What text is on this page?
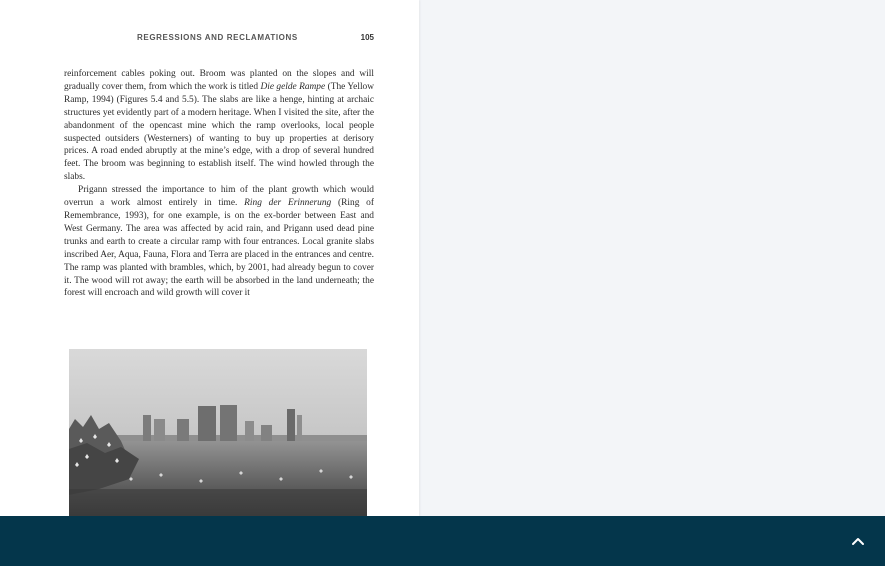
REGRESSIONS AND RECLAMATIONS	105

reinforcement cables poking out. Broom was planted on the slopes and will gradually cover them, from which the work is titled Die gelde Rampe (The Yellow Ramp, 1994) (Figures 5.4 and 5.5). The slabs are like a henge, hinting at archaic structures yet evidently part of a modern heritage. When I visited the site, after the abandonment of the opencast mine which the ramp overlooks, local people suspected outsiders (Westerners) of wanting to buy up properties at derisory prices. A road ended abruptly at the mine’s edge, with a drop of several hundred feet. The broom was beginning to establish itself. The wind howled through the slabs.

Prigann stressed the importance to him of the plant growth which would overrun a work almost entirely in time. Ring der Erinnerung (Ring of Remembrance, 1993), for one example, is on the ex-border between East and West Germany. The area was affected by acid rain, and Prigann used dead pine trunks and earth to create a circular ramp with four entrances. Local granite slabs inscribed Aer, Aqua, Fauna, Flora and Terra are placed in the entrances and centre. The ramp was planted with brambles, which, by 2001, had already begun to cover it. The wood will rot away; the earth will be absorbed in the land underneath; the forest will encroach and wild growth will cover it
